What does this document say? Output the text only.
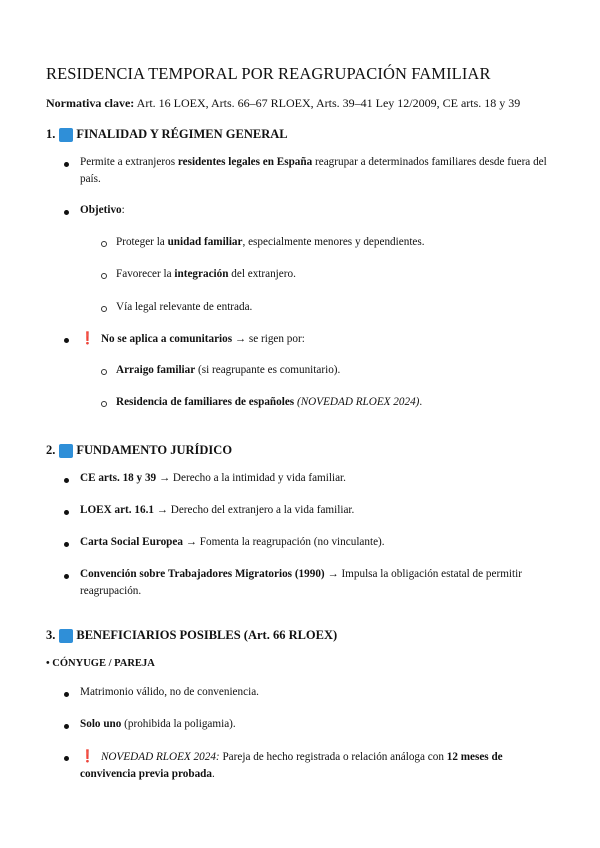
RESIDENCIA TEMPORAL POR REAGRUPACIÓN FAMILIAR
Normativa clave: Art. 16 LOEX, Arts. 66–67 RLOEX, Arts. 39–41 Ley 12/2009, CE arts. 18 y 39
1. FINALIDAD Y RÉGIMEN GENERAL
Permite a extranjeros residentes legales en España reagrupar a determinados familiares desde fuera del país.
Objetivo:
Proteger la unidad familiar, especialmente menores y dependientes.
Favorecer la integración del extranjero.
Vía legal relevante de entrada.
❗ No se aplica a comunitarios → se rigen por:
Arraigo familiar (si reagrupante es comunitario).
Residencia de familiares de españoles (NOVEDAD RLOEX 2024).
2. FUNDAMENTO JURÍDICO
CE arts. 18 y 39 → Derecho a la intimidad y vida familiar.
LOEX art. 16.1 → Derecho del extranjero a la vida familiar.
Carta Social Europea → Fomenta la reagrupación (no vinculante).
Convención sobre Trabajadores Migratorios (1990) → Impulsa la obligación estatal de permitir reagrupación.
3. BENEFICIARIOS POSIBLES (Art. 66 RLOEX)
• CÓNYUGE / PAREJA
Matrimonio válido, no de conveniencia.
Solo uno (prohibida la poligamia).
❗ NOVEDAD RLOEX 2024: Pareja de hecho registrada o relación análoga con 12 meses de convivencia previa probada.
